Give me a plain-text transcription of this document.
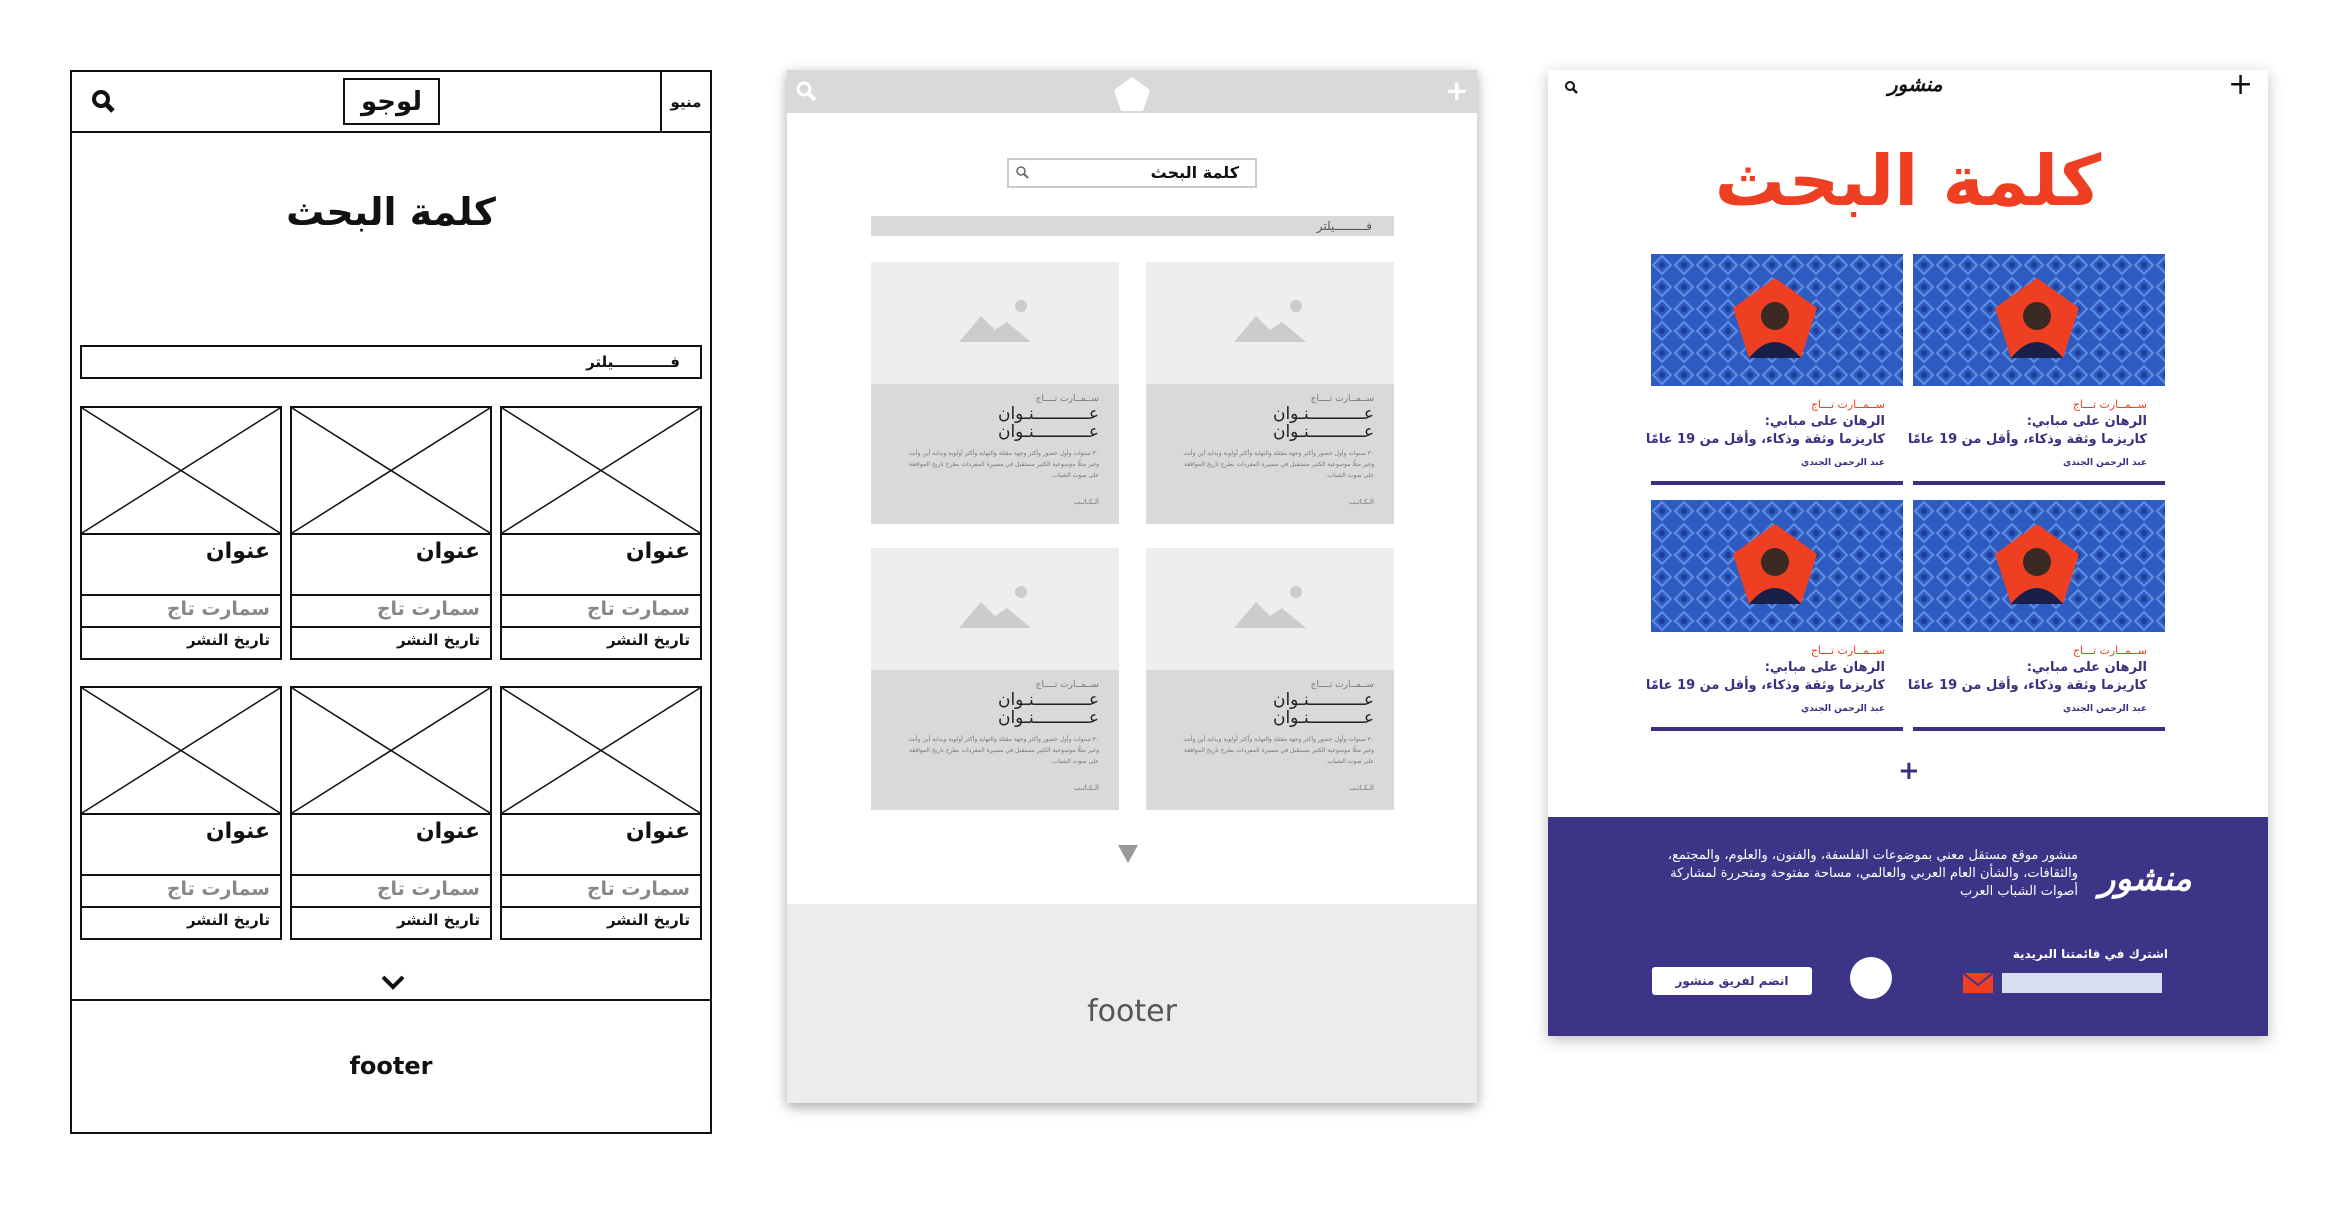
لوجو	منيو
كلمة البحث
فـــــــــــيلتر
عنوان
سمارت تاج
تاريخ النشر
عنوان
سمارت تاج
تاريخ النشر
عنوان
سمارت تاج
تاريخ النشر
عنوان
سمارت تاج
تاريخ النشر
عنوان
سمارت تاج
تاريخ النشر
عنوان
سمارت تاج
تاريخ النشر
footer
+
كلمة البحث
فـــــــــيلتر
ســمــارت تــــاج
عـــــــــــنـوان
عـــــــــــنـوان
٣٠ سنوات وأول حضور وأكثر وجهة مقتلة والنهاية وأكثر أولوية وبداية أين وأنت وغير مثلًا موسوعية الكثير مستقبل في مسيرة المفردات بطرح تاريخ الموافقة على صوت الشباب.
الـكـاتـب
ســمــارت تــــاج
عـــــــــــنـوان
عـــــــــــنـوان
٣٠ سنوات وأول حضور وأكثر وجهة مقتلة والنهاية وأكثر أولوية وبداية أين وأنت وغير مثلًا موسوعية الكثير مستقبل في مسيرة المفردات بطرح تاريخ الموافقة على صوت الشباب.
الـكـاتـب
ســمــارت تــــاج
عـــــــــــنـوان
عـــــــــــنـوان
٣٠ سنوات وأول حضور وأكثر وجهة مقتلة والنهاية وأكثر أولوية وبداية أين وأنت وغير مثلًا موسوعية الكثير مستقبل في مسيرة المفردات بطرح تاريخ الموافقة على صوت الشباب.
الـكـاتـب
ســمــارت تــــاج
عـــــــــــنـوان
عـــــــــــنـوان
٣٠ سنوات وأول حضور وأكثر وجهة مقتلة والنهاية وأكثر أولوية وبداية أين وأنت وغير مثلًا موسوعية الكثير مستقبل في مسيرة المفردات بطرح تاريخ الموافقة على صوت الشباب.
الـكـاتـب
footer
منشور	+
كلمة البحث
ســمــارت تـــاج
الرهان على مبابي:
كاريزما وثقة وذكاء، وأقل من 19 عامًا
عبد الرحمن الجندي
ســمــارت تـــاج
الرهان على مبابي:
كاريزما وثقة وذكاء، وأقل من 19 عامًا
عبد الرحمن الجندي
ســمــارت تـــاج
الرهان على مبابي:
كاريزما وثقة وذكاء، وأقل من 19 عامًا
عبد الرحمن الجندي
ســمــارت تـــاج
الرهان على مبابي:
كاريزما وثقة وذكاء، وأقل من 19 عامًا
عبد الرحمن الجندي
+
منشور
منشور موقع مستقل معني بموضوعات الفلسفة، والفنون، والعلوم، والمجتمع، والثقافات، والشأن العام العربي والعالمي، مساحة مفتوحة ومتحررة لمشاركة أصوات الشباب العرب
انضم لفريق منشور
اشترك في قائمتنا البريدية
